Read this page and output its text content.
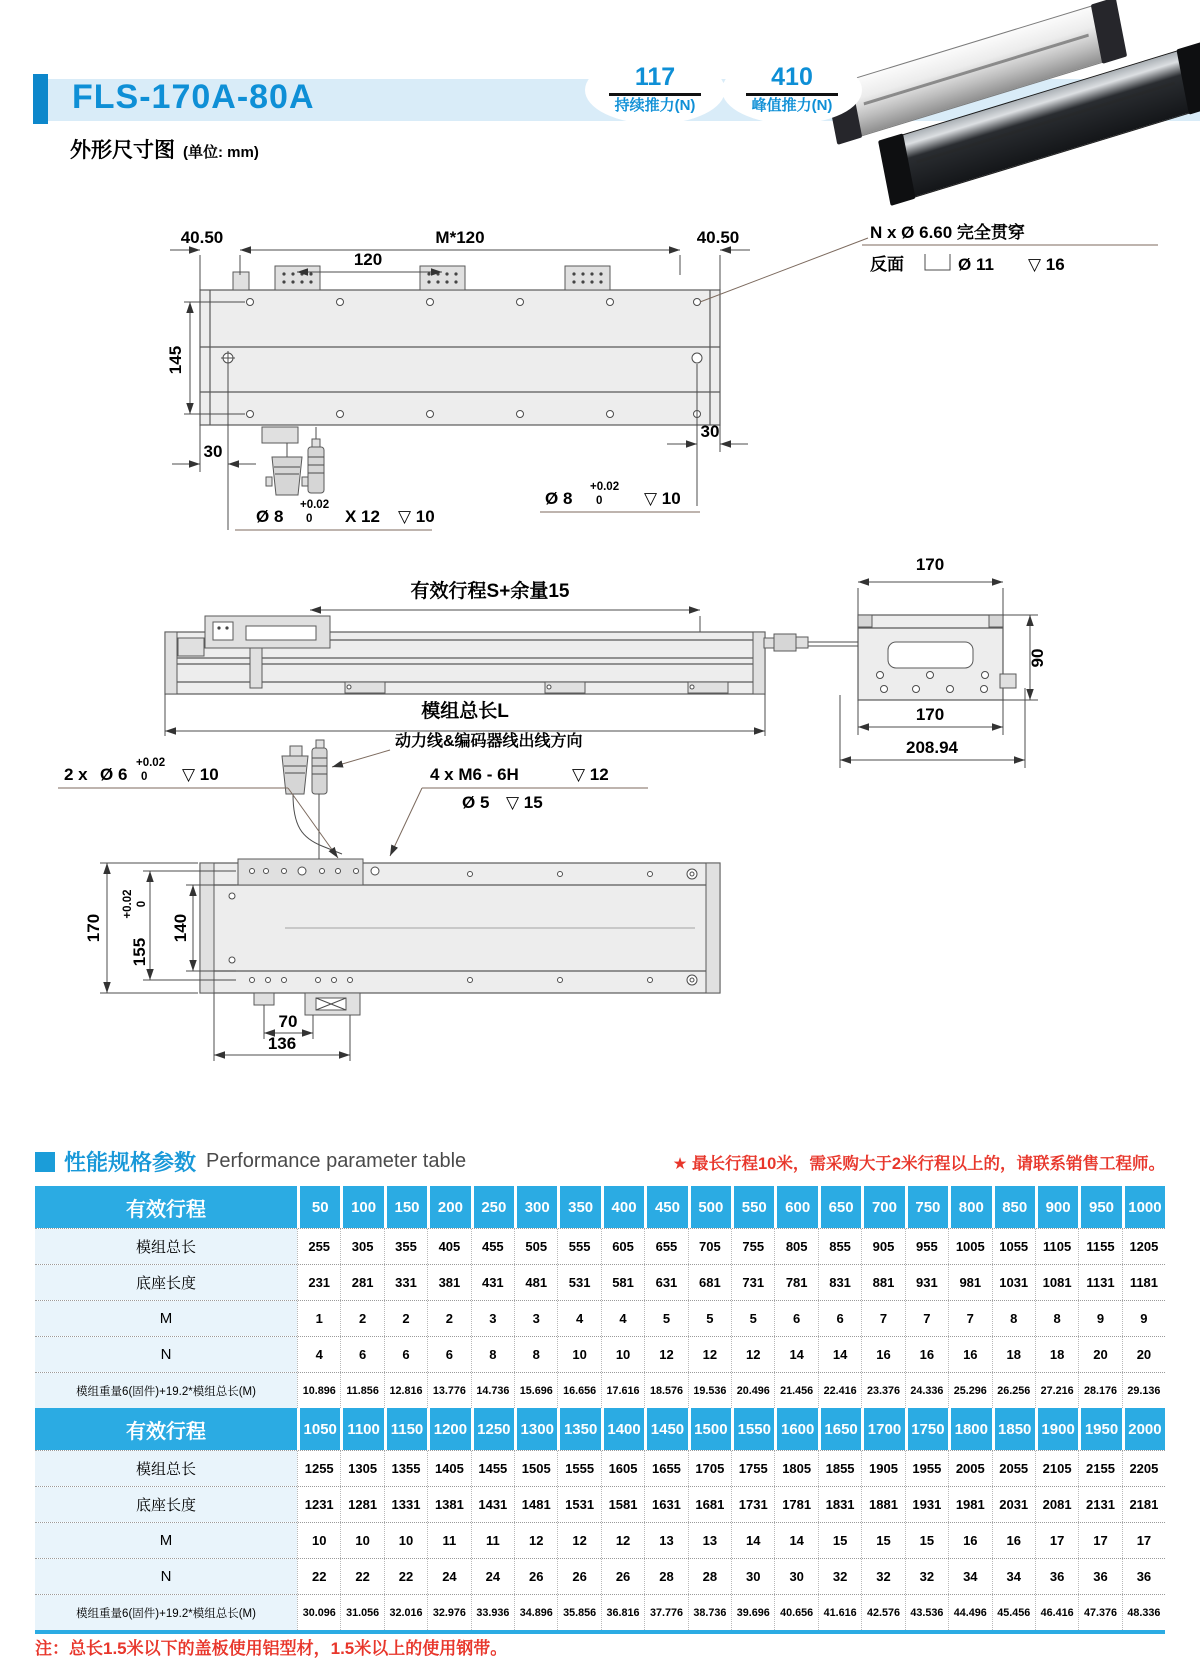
FLS-170A-80A
117
持续推力(N)
410
峰值推力(N)
外形尺寸图 (单位: mm)
40.50	M*120	40.50
120
145
30
30
N x Ø 6.60 完全贯穿
反面	Ø 11 ▽ 16
Ø 8
+0.02
0 X 12 ▽ 10
Ø 8
+0.02
0 ▽ 10
有效行程S+余量15
模组总长L
170
90
170
208.94
动力线&编码器线出线方向
2 x Ø 6
+0.02
0 ▽ 10	4 x M6 - 6H	▽ 12
Ø 5 ▽ 15
170
155
+0.02 0
140
70
136
性能规格参数 Performance parameter table	★ 最长行程10米，需采购大于2米行程以上的，请联系销售工程师。
有效行程	50	100	150	200	250	300	350	400	450	500	550	600	650	700	750	800	850	900	950 1000
模组总长	255	305	355	405	455	505	555	605	655	705	755	805	855	905	955	1005	1055	1105	1155	1205
底座长度	231	281	331	381	431	481	531	581	631	681	731	781	831	881	931	981	1031	1081	1131	1181
M	1	2	2	2	3	3	4	4	5	5	5	6	6	7	7	7	8	8	9	9
N	4	6	6	6	8	8	10	10	12	12	12	14	14	16	16	16	18	18	20	20
模组重量6(固件)+19.2*模组总长(M)	10.896 11.856 12.816 13.776 14.736 15.696 16.656 17.616 18.576 19.536 20.496 21.456 22.416 23.376 24.336 25.296 26.256 27.216 28.176 29.136
有效行程	1050 1100 1150 1200 1250 1300 1350 1400 1450 1500 1550 1600 1650 1700 1750 1800 1850 1900 1950 2000
模组总长	1255	1305	1355	1405	1455	1505	1555	1605	1655	1705	1755	1805	1855	1905	1955	2005	2055	2105	2155	2205
底座长度	1231	1281	1331	1381	1431	1481	1531	1581	1631	1681	1731	1781	1831	1881	1931	1981	2031	2081	2131	2181
M	10	10	10	11	11	12	12	12	13	13	14	14	15	15	15	16	16	17	17	17
N	22	22	22	24	24	26	26	26	28	28	30	30	32	32	32	34	34	36	36	36
模组重量6(固件)+19.2*模组总长(M)	30.096 31.056 32.016 32.976 33.936 34.896 35.856 36.816 37.776 38.736 39.696 40.656 41.616 42.576 43.536 44.496 45.456 46.416 47.376 48.336
注：总长1.5米以下的盖板使用铝型材，1.5米以上的使用钢带。
